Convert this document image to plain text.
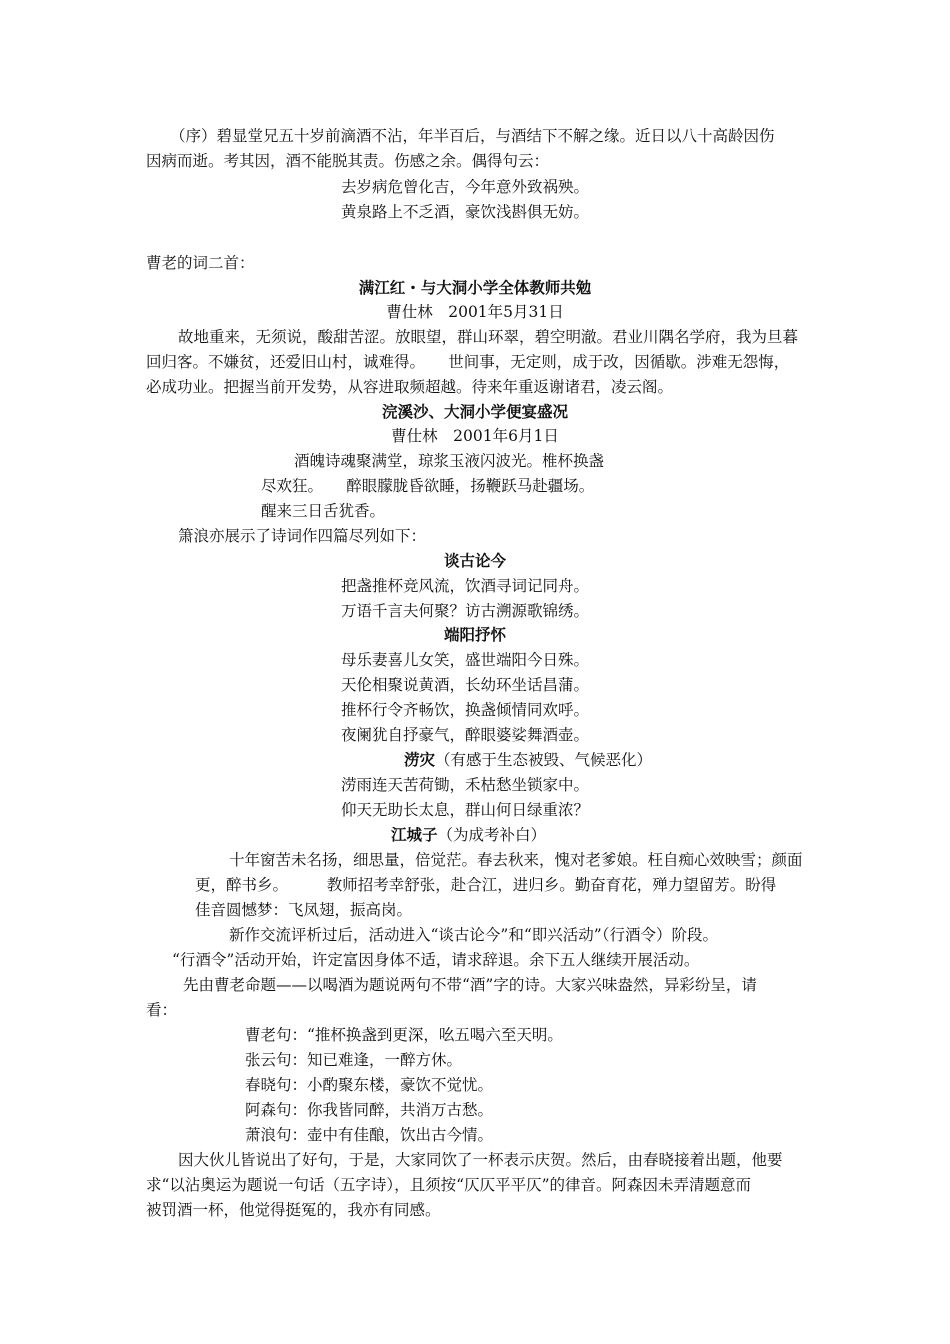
（序）碧显堂兄五十岁前滴酒不沾，年半百后，与酒结下不解之缘。近日以八十高龄因伤
因病而逝。考其因，酒不能脱其责。伤感之余。偶得句云：
去岁病危曾化吉，今年意外致祸殃。
黄泉路上不乏酒，豪饮浅斟俱无妨。
曹老的词二首：
满江红・与大洞小学全体教师共勉
曹仕林　2001年5月31日
故地重来，无须说，酸甜苦涩。放眼望，群山环翠，碧空明澈。君业川隅名学府，我为旦暮
回归客。不嫌贫，还爱旧山村，诚难得。　　世间事，无定则，成于改，因循歇。涉难无怨悔，
必成功业。把握当前开发势，从容进取频超越。待来年重返谢诸君，凌云阁。
浣溪沙、大洞小学便宴盛况
曹仕林　2001年6月1日
酒魄诗魂聚满堂，琼浆玉液闪波光。椎杯换盏
尽欢狂。　　醉眼朦胧昏欲睡，扬鞭跃马赴疆场。
醒来三日舌犹香。
箫浪亦展示了诗词作四篇尽列如下：
谈古论今
把盏推杯竞风流，饮酒寻词记同舟。
万语千言夫何聚？访古溯源歌锦绣。
端阳抒怀
母乐妻喜儿女笑，盛世端阳今日殊。
天伦相聚说黄酒，长幼环坐话昌蒲。
推杯行令齐畅饮，换盏倾情同欢呼。
夜阑犹自抒豪气，醉眼婆娑舞酒壶。
涝灾（有感于生态被毁、气候恶化）
涝雨连天苦荷锄，禾枯愁坐锁家中。
仰天无助长太息，群山何日绿重浓？
江城子（为成考补白）
十年窗苦未名扬，细思量，倍觉茫。春去秋来，愧对老爹娘。枉自痴心效映雪；颜面
更，醉书乡。　　　教师招考幸舒张，赴合江，进归乡。勤奋育花，殚力望留芳。盼得
佳音圆憾梦：飞凤翅，振高岗。
新作交流评析过后，活动进入“谈古论今”和“即兴活动”（行酒令）阶段。
“行酒令”活动开始，许定富因身体不适，请求辞退。余下五人继续开展活动。
先由曹老命题——以喝酒为题说两句不带“酒”字的诗。大家兴味盎然，异彩纷呈，请
看：
曹老句：“推杯换盏到更深，吆五喝六至天明。
张云句：知已难逢，一醉方休。
春晓句：小酌聚东楼，豪饮不觉忧。
阿森句：你我皆同醉，共消万古愁。
萧浪句：壶中有佳酿，饮出古今情。
因大伙儿皆说出了好句，于是，大家同饮了一杯表示庆贺。然后，由春晓接着出题，他要
求“以沾奥运为题说一句话（五字诗），且须按“仄仄平平仄”的律音。阿森因未弄清题意而
被罚酒一杯，他觉得挺冤的，我亦有同感。
